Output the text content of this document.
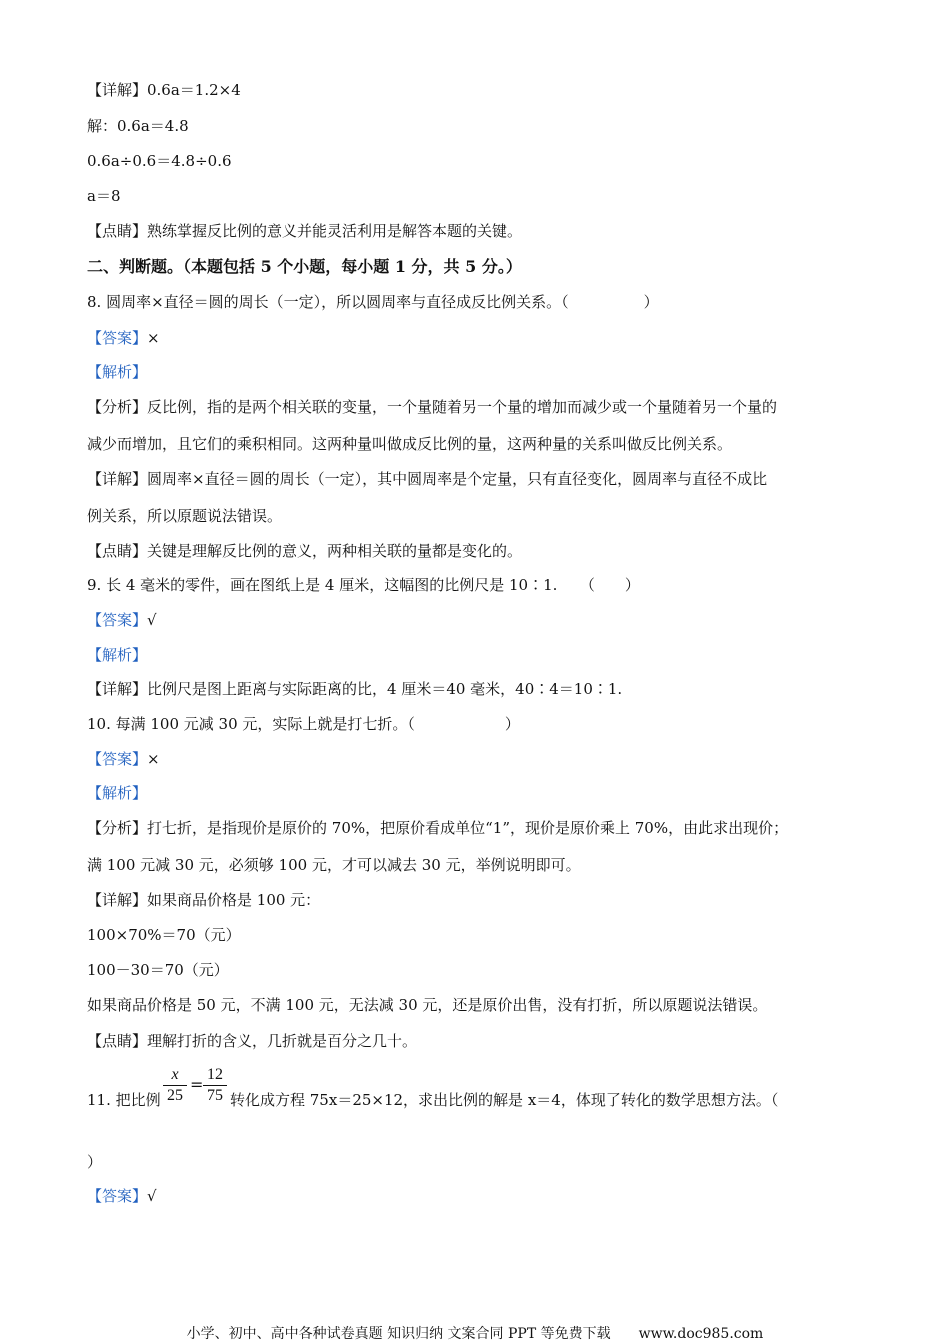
【详解】0.6a＝1.2×4
解：0.6a＝4.8
0.6a÷0.6＝4.8÷0.6
a＝8
【点睛】熟练掌握反比例的意义并能灵活利用是解答本题的关键。
二、判断题。（本题包括 5 个小题，每小题 1 分，共 5 分。）
8. 圆周率×直径＝圆的周长（一定），所以圆周率与直径成反比例关系。（　　　　　）
【答案】×
【解析】
【分析】反比例，指的是两个相关联的变量，一个量随着另一个量的增加而减少或一个量随着另一个量的
减少而增加，且它们的乘积相同。这两种量叫做成反比例的量，这两种量的关系叫做反比例关系。
【详解】圆周率×直径＝圆的周长（一定），其中圆周率是个定量，只有直径变化，圆周率与直径不成比
例关系，所以原题说法错误。
【点睛】关键是理解反比例的意义，两种相关联的量都是变化的。
9. 长 4 毫米的零件，画在图纸上是 4 厘米，这幅图的比例尺是 10∶1.　　（　　）
【答案】√
【解析】
【详解】比例尺是图上距离与实际距离的比，4 厘米＝40 毫米，40∶4＝10∶1.
10. 每满 100 元减 30 元，实际上就是打七折。（　　　　　　）
【答案】×
【解析】
【分析】打七折，是指现价是原价的 70%，把原价看成单位“1”，现价是原价乘上 70%，由此求出现价；
满 100 元减 30 元，必须够 100 元，才可以减去 30 元，举例说明即可。
【详解】如果商品价格是 100 元：
100×70%＝70（元）
100－30＝70（元）
如果商品价格是 50 元，不满 100 元，无法减 30 元，还是原价出售，没有打折，所以原题说法错误。
【点睛】理解打折的含义，几折就是百分之几十。
11. 把比例
）
【答案】√
x
25
=
12
75 转化成方程 75x＝25×12，求出比例的解是 x＝4，体现了转化的数学思想方法。（
小学、初中、高中各种试卷真题 知识归纳 文案合同 PPT 等免费下载　　www.doc985.com
